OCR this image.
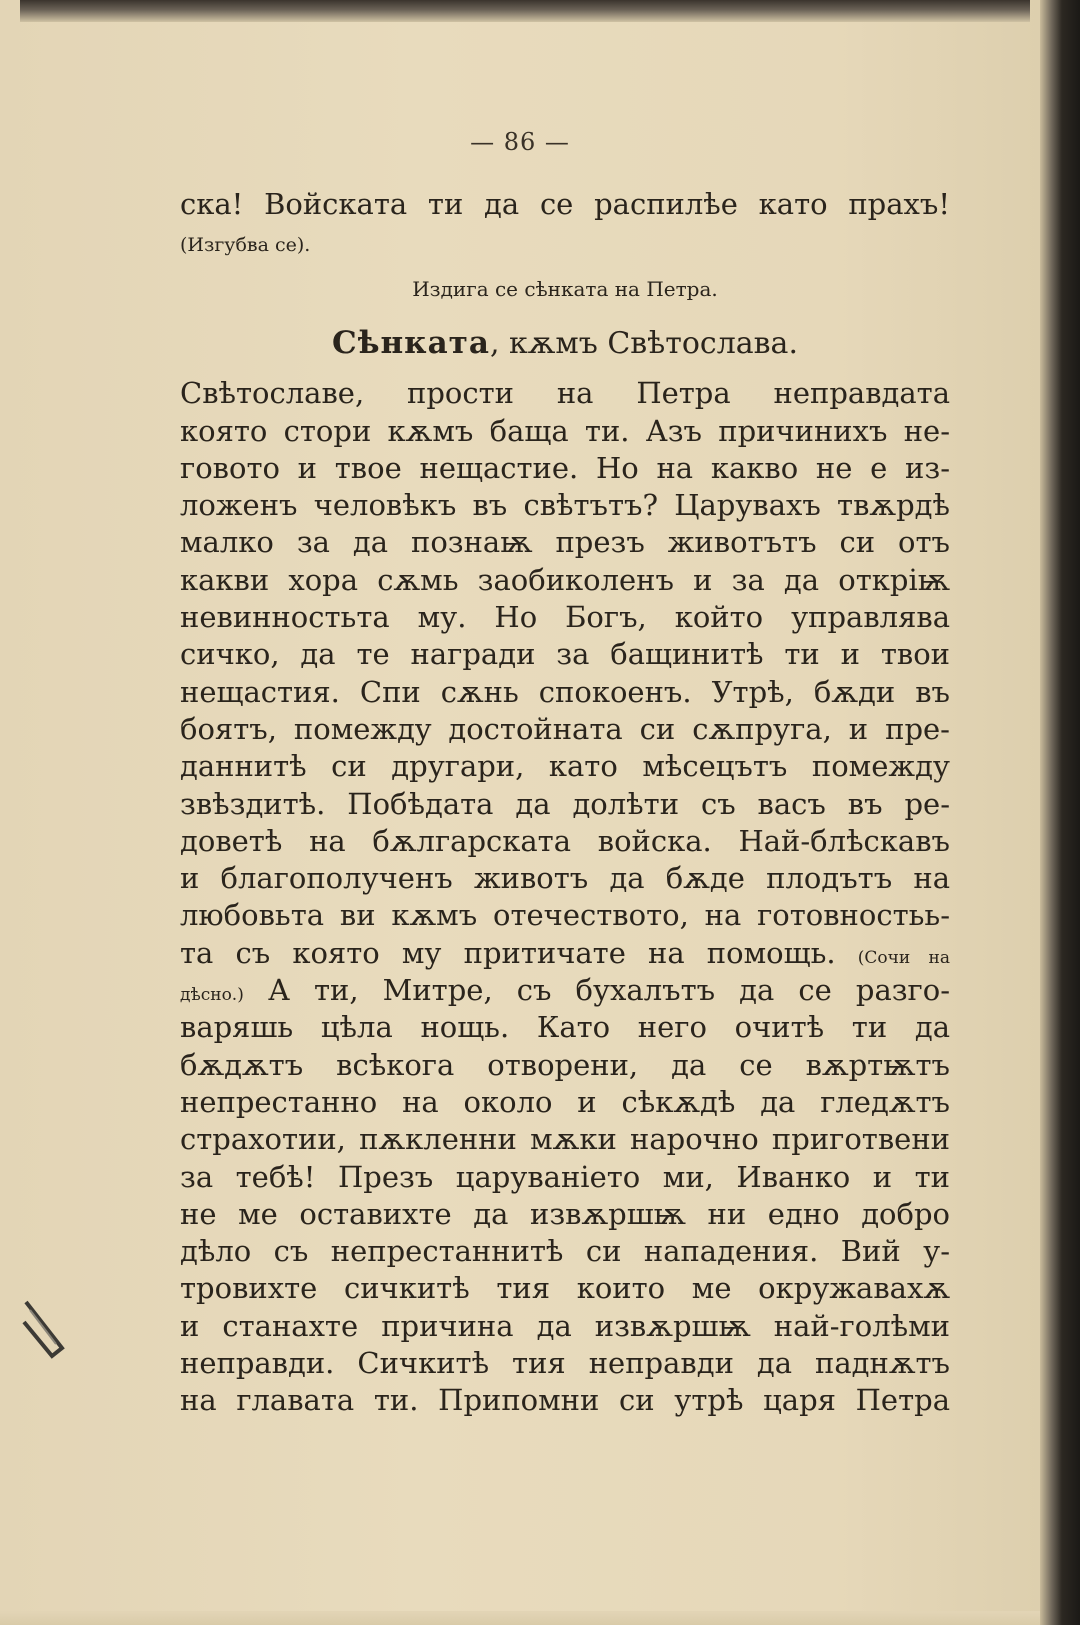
— 86 —
ска! Войската ти да се распилѣе като прахъ!
(Изгубва се).
Издига се сѣнката на Петра.
Сѣнката, кѫмъ Свѣтослава.
Свѣтославе, прости на Петра неправдата
която стори кѫмъ баща ти. Азъ причинихъ не-
говото и твое нещастие. Но на какво не е из-
ложенъ человѣкъ въ свѣтътъ? Царувахъ твѫрдѣ
малко за да познаѭ презъ животътъ си отъ
какви хора сѫмь заобиколенъ и за да открiѭ
невинностьта му. Но Богъ, който управлява
сичко, да те награди за бащинитѣ ти и твои
нещастия. Спи сѫнь спокоенъ. Утрѣ, бѫди въ
боятъ, помеждy достойната си сѫпруга, и пре-
даннитѣ си другари, като мѣсецътъ помежду
звѣздитѣ. Побѣдата да долѣти съ васъ въ ре-
доветѣ на бѫлгарската войска. Най-блѣскавъ
и благополученъ животъ да бѫде плодътъ на
любовьта ви кѫмъ отечеството, на готовностьь-
та съ която му притичате на помощь. (Сочи на
дѣсно.) А ти, Митре, съ бухалътъ да се разго-
варяшь цѣла нощь. Като него очитѣ ти да
бѫдѫтъ всѣкога отворени, да се вѫртѭтъ
непрестанно на около и сѣкѫдѣ да гледѫтъ
страхотии, пѫкленни мѫки нарочно приготвени
за тебѣ! Презъ царуванiето ми, Иванко и ти
не ме оставихте да извѫршѭ ни едно добро
дѣло съ непрестаннитѣ си нападения. Вий у-
тровихте сичкитѣ тия които ме окружавахѫ
и станахте причина да извѫршѭ най-голѣми
неправди. Сичкитѣ тия неправди да паднѫтъ
на главата ти. Припомни си утрѣ царя Петра
